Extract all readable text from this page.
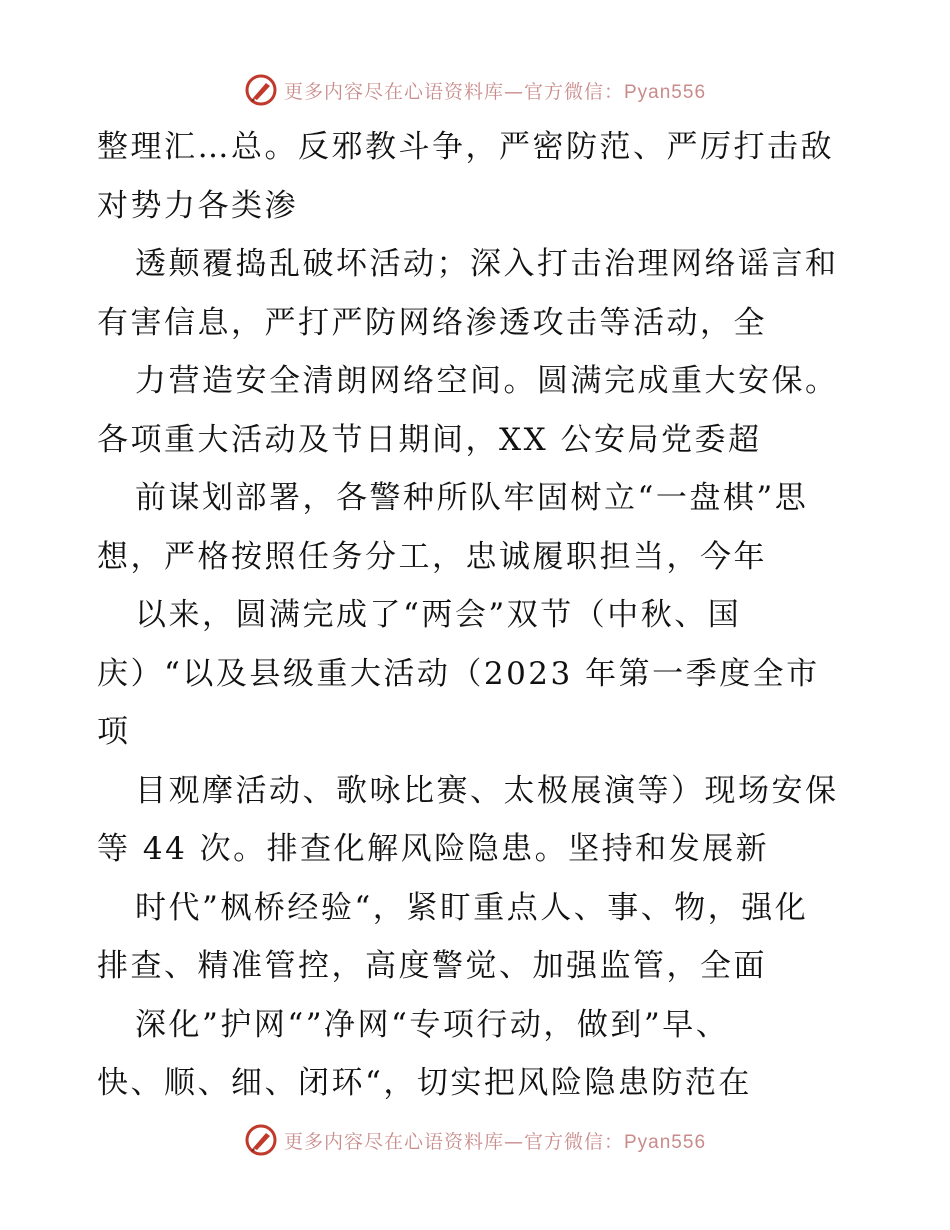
更多内容尽在心语资料库—官方微信：Pyan556
整理汇…总。反邪教斗争，严密防范、严厉打击敌
对势力各类渗
透颠覆捣乱破坏活动；深入打击治理网络谣言和
有害信息，严打严防网络渗透攻击等活动，全
力营造安全清朗网络空间。圆满完成重大安保。
各项重大活动及节日期间，XX 公安局党委超
前谋划部署，各警种所队牢固树立“一盘棋”思
想，严格按照任务分工，忠诚履职担当，今年
以来，圆满完成了“两会”双节（中秋、国
庆）“以及县级重大活动（2023 年第一季度全市
项
目观摩活动、歌咏比赛、太极展演等）现场安保
等 44 次。排查化解风险隐患。坚持和发展新
时代”枫桥经验“，紧盯重点人、事、物，强化
排查、精准管控，高度警觉、加强监管，全面
深化”护网“”净网“专项行动，做到”早、
快、顺、细、闭环“，切实把风险隐患防范在
更多内容尽在心语资料库—官方微信：Pyan556
